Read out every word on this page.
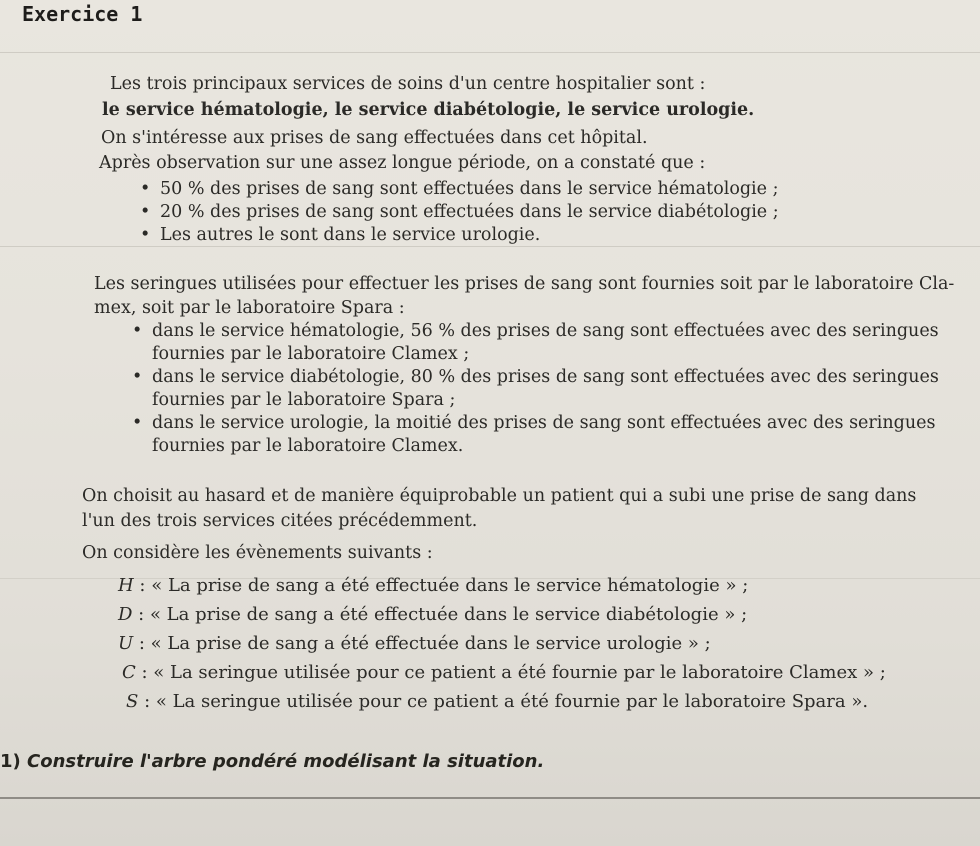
Exercice 1
Les trois principaux services de soins d'un centre hospitalier sont :
le service hématologie, le service diabétologie, le service urologie.
On s'intéresse aux prises de sang effectuées dans cet hôpital.
Après observation sur une assez longue période, on a constaté que :
• 50 % des prises de sang sont effectuées dans le service hématologie ;
• 20 % des prises de sang sont effectuées dans le service diabétologie ;
• Les autres le sont dans le service urologie.
Les seringues utilisées pour effectuer les prises de sang sont fournies soit par le laboratoire Cla-
mex, soit par le laboratoire Spara :
• dans le service hématologie, 56 % des prises de sang sont effectuées avec des seringues
fournies par le laboratoire Clamex ;
• dans le service diabétologie, 80 % des prises de sang sont effectuées avec des seringues
fournies par le laboratoire Spara ;
• dans le service urologie, la moitié des prises de sang sont effectuées avec des seringues
fournies par le laboratoire Clamex.
On choisit au hasard et de manière équiprobable un patient qui a subi une prise de sang dans
l'un des trois services citées précédemment.
On considère les évènements suivants :
H : « La prise de sang a été effectuée dans le service hématologie » ;
D : « La prise de sang a été effectuée dans le service diabétologie » ;
U : « La prise de sang a été effectuée dans le service urologie » ;
C : « La seringue utilisée pour ce patient a été fournie par le laboratoire Clamex » ;
S : « La seringue utilisée pour ce patient a été fournie par le laboratoire Spara ».
1) Construire l'arbre pondéré modélisant la situation.
